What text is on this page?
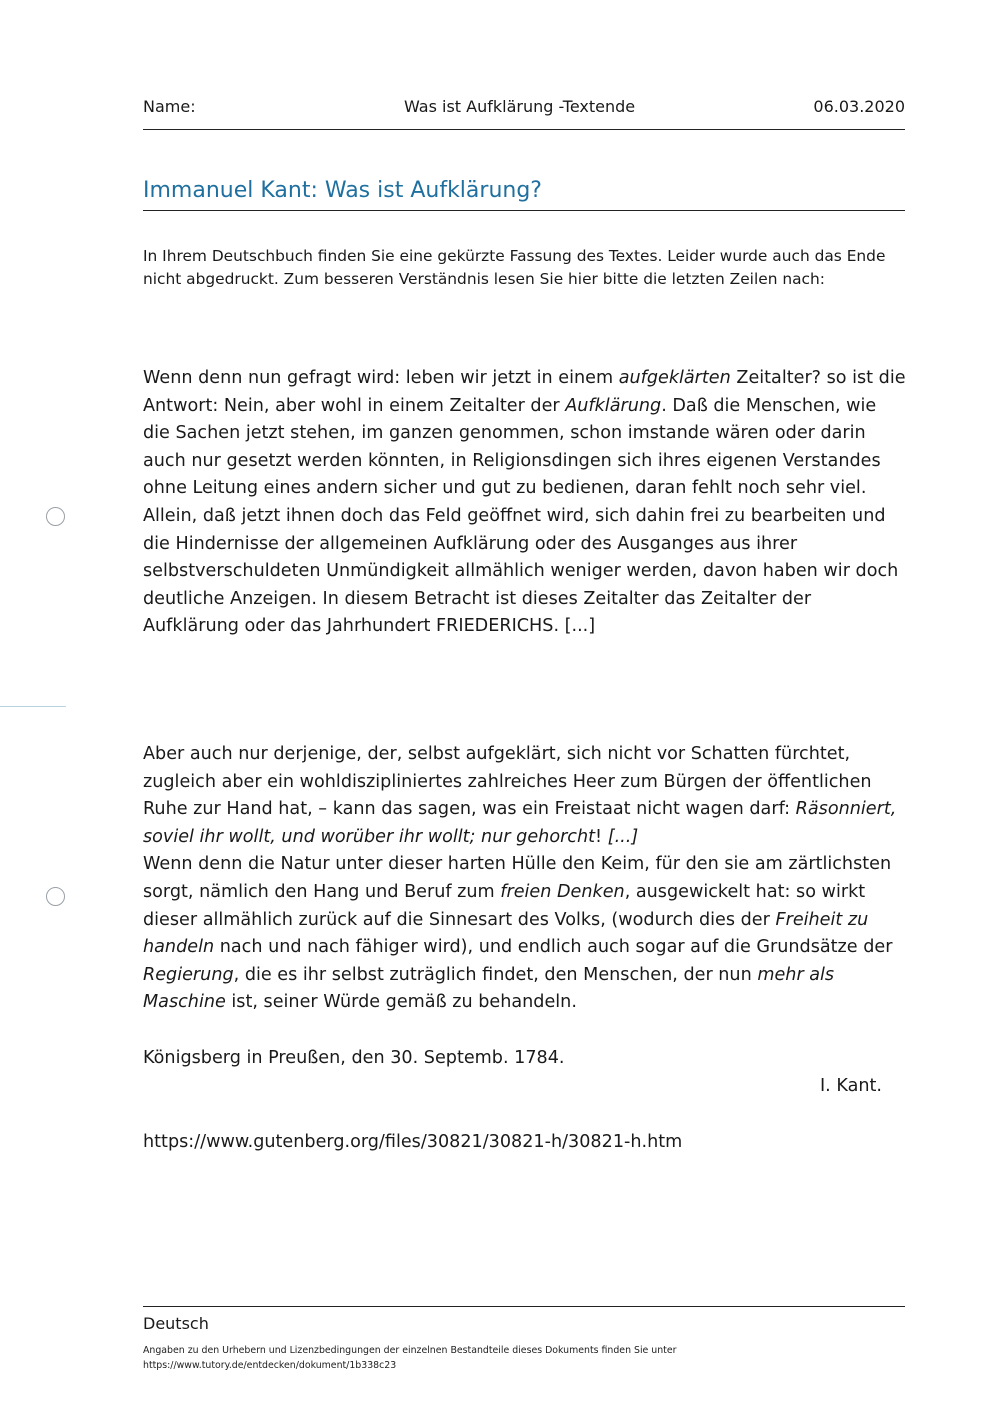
Name:	Was ist Aufklärung -Textende	06.03.2020
Immanuel Kant: Was ist Aufklärung?

In Ihrem Deutschbuch finden Sie eine gekürzte Fassung des Textes. Leider wurde auch das Ende nicht abgedruckt. Zum besseren Verständnis lesen Sie hier bitte die letzten Zeilen nach:

Wenn denn nun gefragt wird: leben wir jetzt in einem aufgeklärten Zeitalter? so ist die Antwort: Nein, aber wohl in einem Zeitalter der Aufklärung. Daß die Menschen, wie die Sachen jetzt stehen, im ganzen genommen, schon imstande wären oder darin auch nur gesetzt werden könnten, in Religionsdingen sich ihres eigenen Verstandes ohne Leitung eines andern sicher und gut zu bedienen, daran fehlt noch sehr viel. Allein, daß jetzt ihnen doch das Feld geöffnet wird, sich dahin frei zu bearbeiten und die Hindernisse der allgemeinen Aufklärung oder des Ausganges aus ihrer selbstverschuldeten Unmündigkeit allmählich weniger werden, davon haben wir doch deutliche Anzeigen. In diesem Betracht ist dieses Zeitalter das Zeitalter der Aufklärung oder das Jahrhundert FRIEDERICHS. [...]

Aber auch nur derjenige, der, selbst aufgeklärt, sich nicht vor Schatten fürchtet, zugleich aber ein wohldiszipliniertes zahlreiches Heer zum Bürgen der öffentlichen Ruhe zur Hand hat, – kann das sagen, was ein Freistaat nicht wagen darf: Räsonniert, soviel ihr wollt, und worüber ihr wollt; nur gehorcht! [...]
Wenn denn die Natur unter dieser harten Hülle den Keim, für den sie am zärtlichsten sorgt, nämlich den Hang und Beruf zum freien Denken, ausgewickelt hat: so wirkt dieser allmählich zurück auf die Sinnesart des Volks, (wodurch dies der Freiheit zu handeln nach und nach fähiger wird), und endlich auch sogar auf die Grundsätze der Regierung, die es ihr selbst zuträglich findet, den Menschen, der nun mehr als Maschine ist, seiner Würde gemäß zu behandeln.

Königsberg in Preußen, den 30. Septemb. 1784.

I. Kant.

https://www.gutenberg.org/files/30821/30821-h/30821-h.htm

Deutsch
Angaben zu den Urhebern und Lizenzbedingungen der einzelnen Bestandteile dieses Dokuments finden Sie unter
https://www.tutory.de/entdecken/dokument/1b338c23
